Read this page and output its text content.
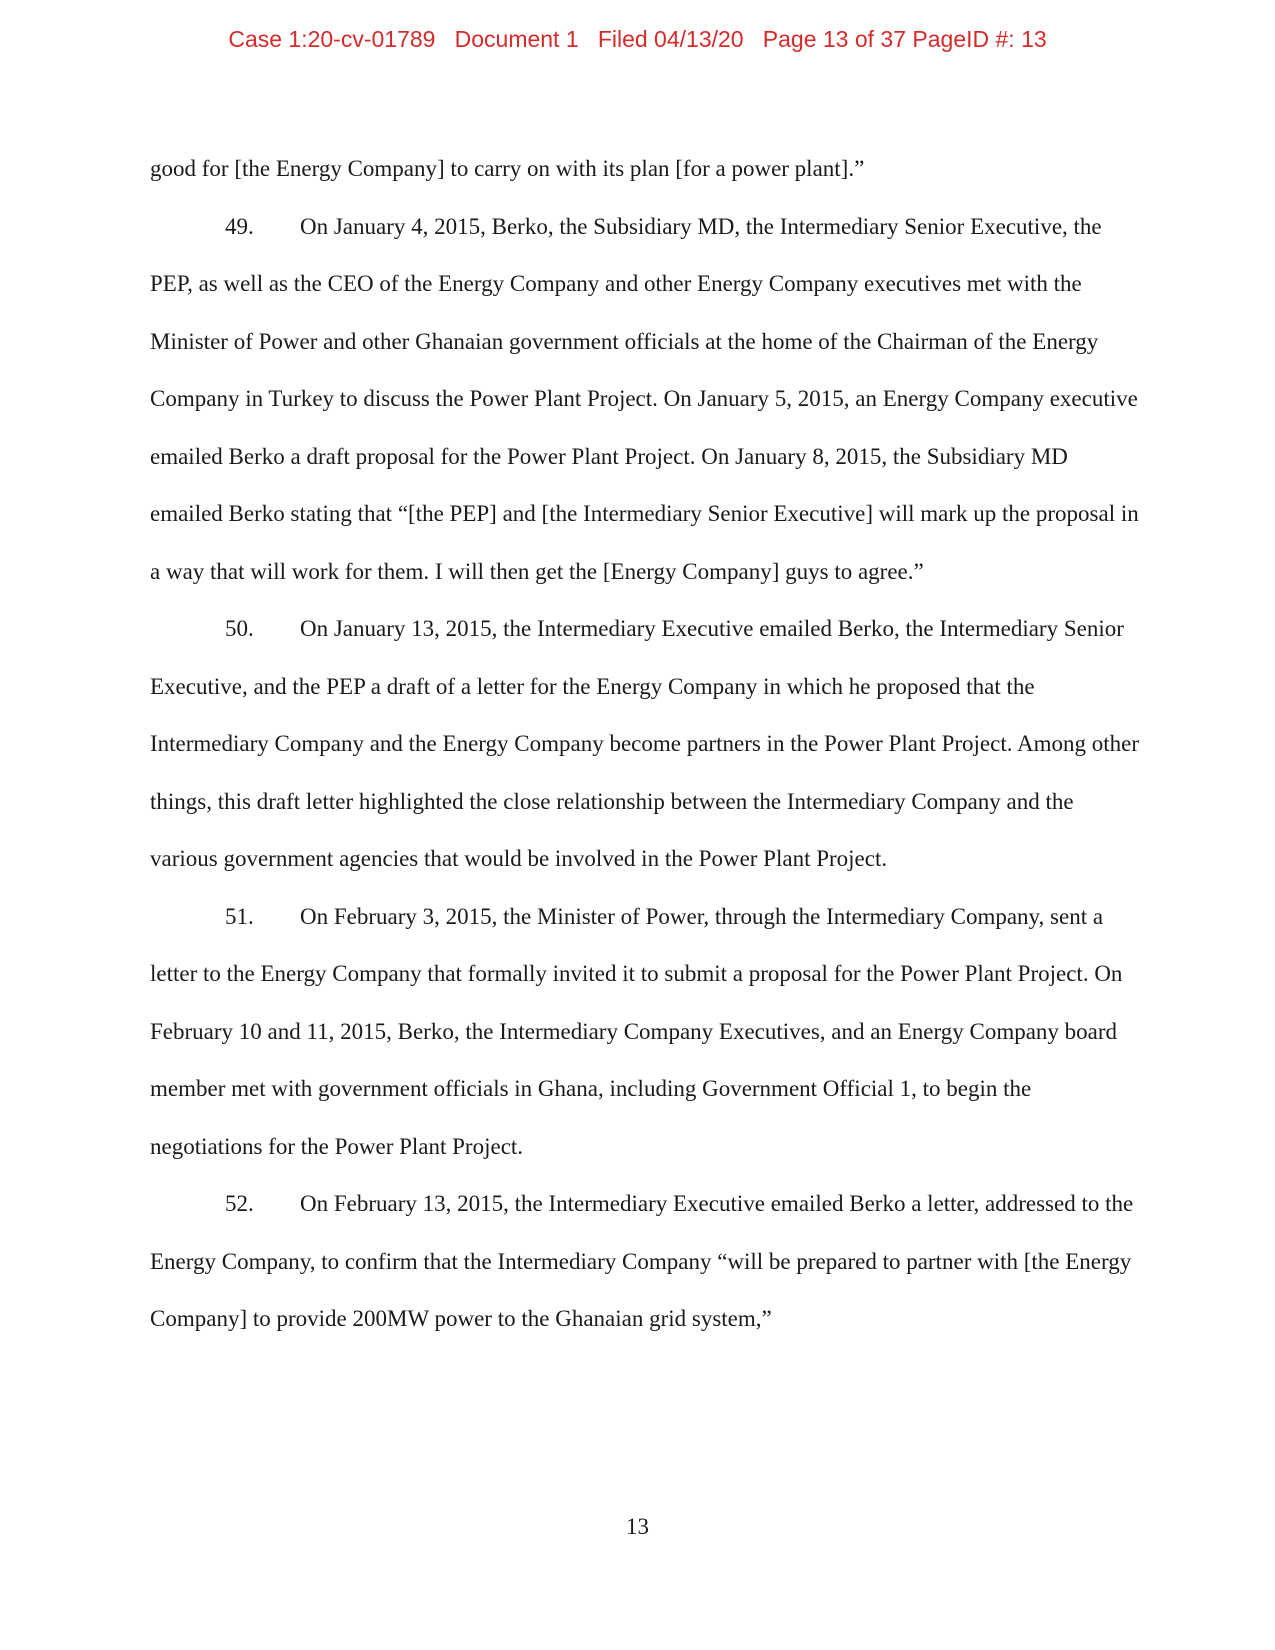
Case 1:20-cv-01789 Document 1 Filed 04/13/20 Page 13 of 37 PageID #: 13

good for [the Energy Company] to carry on with its plan [for a power plant].”

49. On January 4, 2015, Berko, the Subsidiary MD, the Intermediary Senior Executive, the PEP, as well as the CEO of the Energy Company and other Energy Company executives met with the Minister of Power and other Ghanaian government officials at the home of the Chairman of the Energy Company in Turkey to discuss the Power Plant Project. On January 5, 2015, an Energy Company executive emailed Berko a draft proposal for the Power Plant Project. On January 8, 2015, the Subsidiary MD emailed Berko stating that “[the PEP] and [the Intermediary Senior Executive] will mark up the proposal in a way that will work for them. I will then get the [Energy Company] guys to agree.”

50. On January 13, 2015, the Intermediary Executive emailed Berko, the Intermediary Senior Executive, and the PEP a draft of a letter for the Energy Company in which he proposed that the Intermediary Company and the Energy Company become partners in the Power Plant Project. Among other things, this draft letter highlighted the close relationship between the Intermediary Company and the various government agencies that would be involved in the Power Plant Project.

51. On February 3, 2015, the Minister of Power, through the Intermediary Company, sent a letter to the Energy Company that formally invited it to submit a proposal for the Power Plant Project. On February 10 and 11, 2015, Berko, the Intermediary Company Executives, and an Energy Company board member met with government officials in Ghana, including Government Official 1, to begin the negotiations for the Power Plant Project.

52. On February 13, 2015, the Intermediary Executive emailed Berko a letter, addressed to the Energy Company, to confirm that the Intermediary Company “will be prepared to partner with [the Energy Company] to provide 200MW power to the Ghanaian grid system,”

13
